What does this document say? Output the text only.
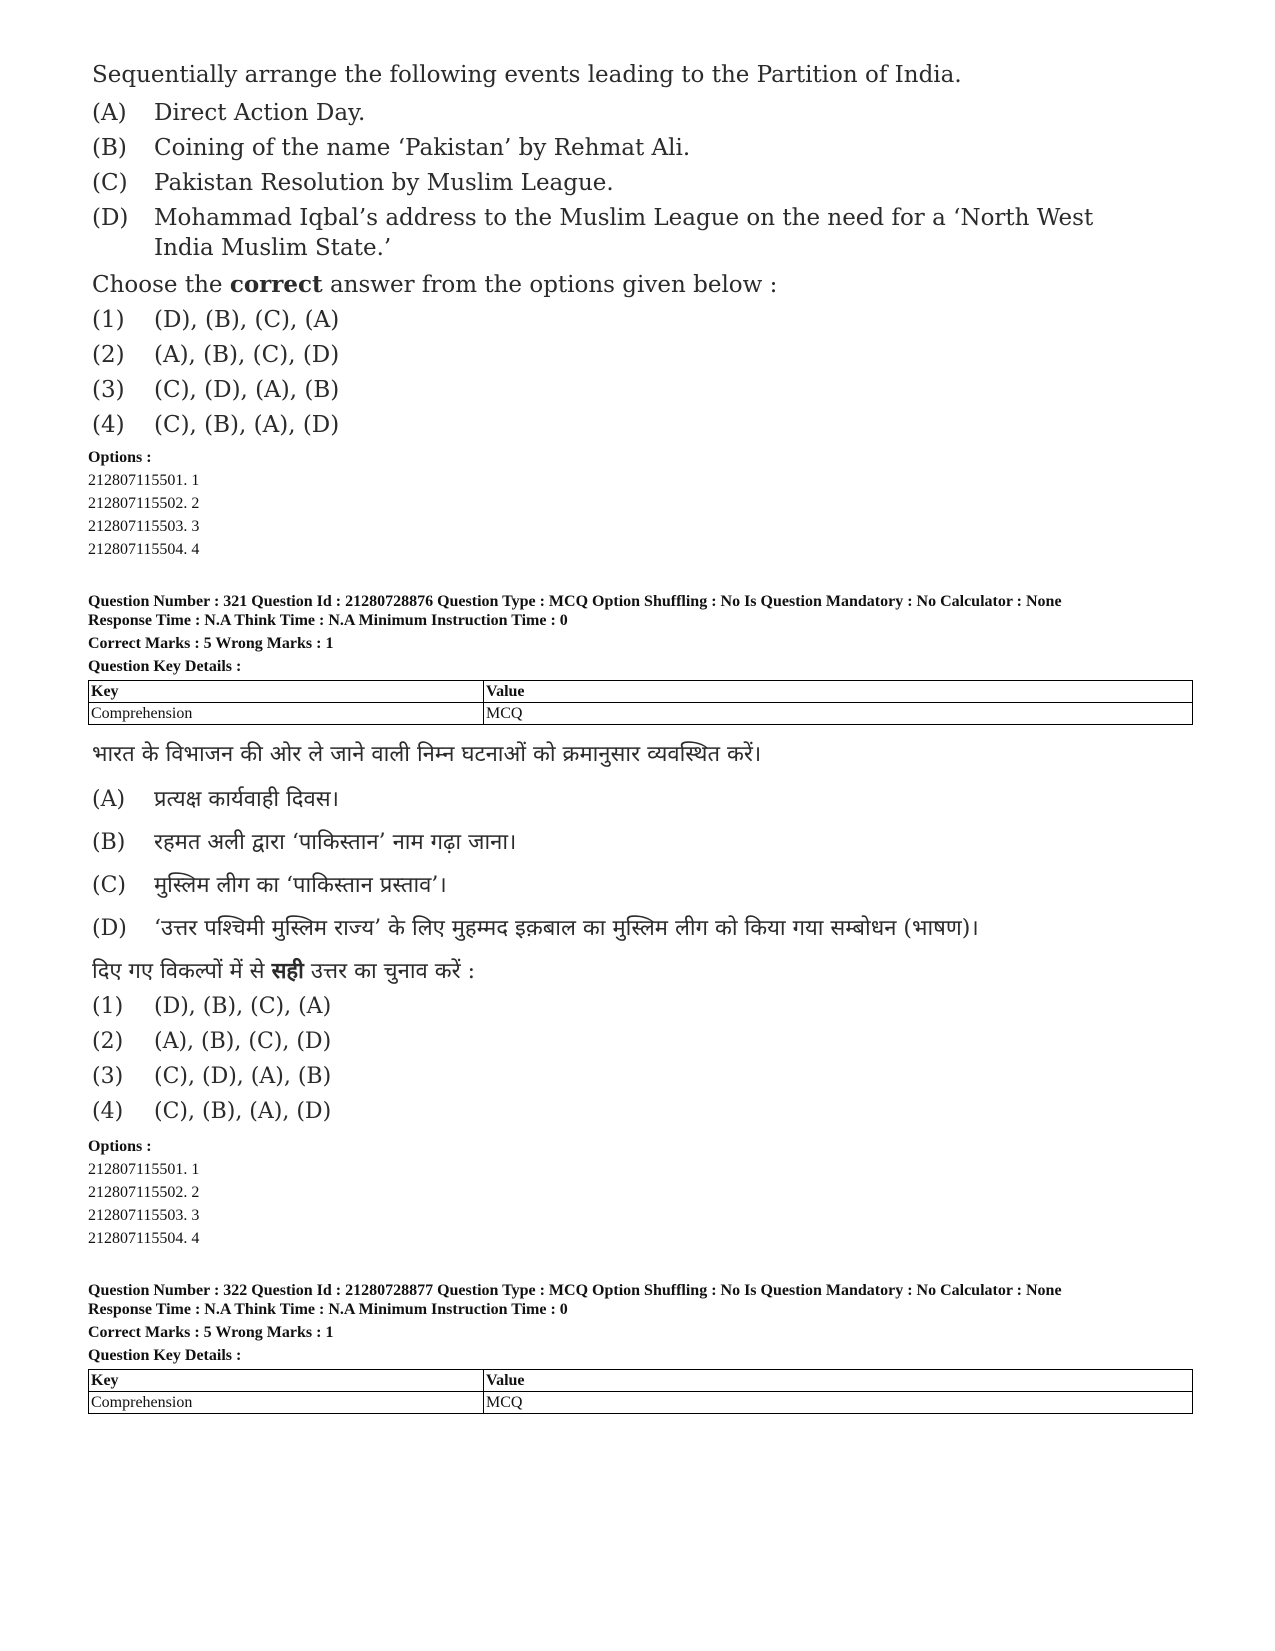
Sequentially arrange the following events leading to the Partition of India.
(A)	Direct Action Day.
(B)	Coining of the name ‘Pakistan’ by Rehmat Ali.
(C)	Pakistan Resolution by Muslim League.
(D)	Mohammad Iqbal’s address to the Muslim League on the need for a ‘North West India Muslim State.’
Choose the correct answer from the options given below :
(1)	(D), (B), (C), (A)
(2)	(A), (B), (C), (D)
(3)	(C), (D), (A), (B)
(4)	(C), (B), (A), (D)
Options :
212807115501. 1
212807115502. 2
212807115503. 3
212807115504. 4
Question Number : 321 Question Id : 21280728876 Question Type : MCQ Option Shuffling : No Is Question Mandatory : No Calculator : None
Response Time : N.A Think Time : N.A Minimum Instruction Time : 0
Correct Marks : 5 Wrong Marks : 1
Question Key Details :
Key	Value
Comprehension	MCQ
भारत के विभाजन की ओर ले जाने वाली निम्न घटनाओं को क्रमानुसार व्यवस्थित करें।
(A)	प्रत्यक्ष कार्यवाही दिवस।
(B)	रहमत अली द्वारा ‘पाकिस्तान’ नाम गढ़ा जाना।
(C)	मुस्लिम लीग का ‘पाकिस्तान प्रस्ताव’।
(D)	‘उत्तर पश्चिमी मुस्लिम राज्य’ के लिए मुहम्मद इक़बाल का मुस्लिम लीग को किया गया सम्बोधन (भाषण)।
दिए गए विकल्पों में से सही उत्तर का चुनाव करें :
(1)	(D), (B), (C), (A)
(2)	(A), (B), (C), (D)
(3)	(C), (D), (A), (B)
(4)	(C), (B), (A), (D)
Options :
212807115501. 1
212807115502. 2
212807115503. 3
212807115504. 4
Question Number : 322 Question Id : 21280728877 Question Type : MCQ Option Shuffling : No Is Question Mandatory : No Calculator : None
Response Time : N.A Think Time : N.A Minimum Instruction Time : 0
Correct Marks : 5 Wrong Marks : 1
Question Key Details :
Key	Value
Comprehension	MCQ
